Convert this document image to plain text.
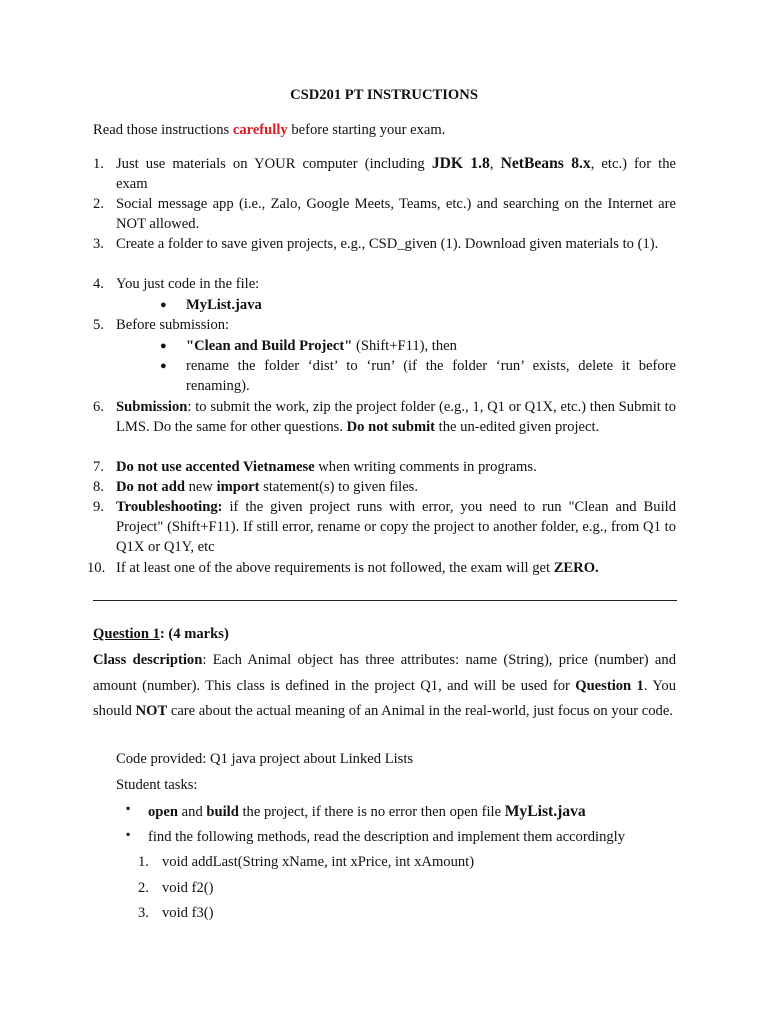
CSD201 PT INSTRUCTIONS
Read those instructions carefully before starting your exam.
1. Just use materials on YOUR computer (including JDK 1.8, NetBeans 8.x, etc.) for the
exam
2. Social message app (i.e., Zalo, Google Meets, Teams, etc.) and searching on the Internet are NOT allowed.
3. Create a folder to save given projects, e.g., CSD_given (1). Download given materials to (1).
4. You just code in the file:
● MyList.java
5. Before submission:
● "Clean and Build Project" (Shift+F11), then
● rename the folder ‘dist’ to ‘run’ (if the folder ‘run’ exists, delete it before
renaming).
6. Submission: to submit the work, zip the project folder (e.g., 1, Q1 or Q1X, etc.) then Submit to LMS. Do the same for other questions. Do not submit the un-edited given project.
7. Do not use accented Vietnamese when writing comments in programs.
8. Do not add new import statement(s) to given files.
9. Troubleshooting: if the given project runs with error, you need to run "Clean and Build Project" (Shift+F11). If still error, rename or copy the project to another folder, e.g., from Q1 to Q1X or Q1Y, etc
10. If at least one of the above requirements is not followed, the exam will get ZERO.
Question 1: (4 marks)
Class description: Each Animal object has three attributes: name (String), price (number) and amount (number). This class is defined in the project Q1, and will be used for Question 1. You should NOT care about the actual meaning of an Animal in the real-world, just focus on your code.
Code provided: Q1 java project about Linked Lists
Student tasks:
▪ open and build the project, if there is no error then open file MyList.java
▪ find the following methods, read the description and implement them accordingly
1. void addLast(String xName, int xPrice, int xAmount)
2. void f2()
3. void f3()
